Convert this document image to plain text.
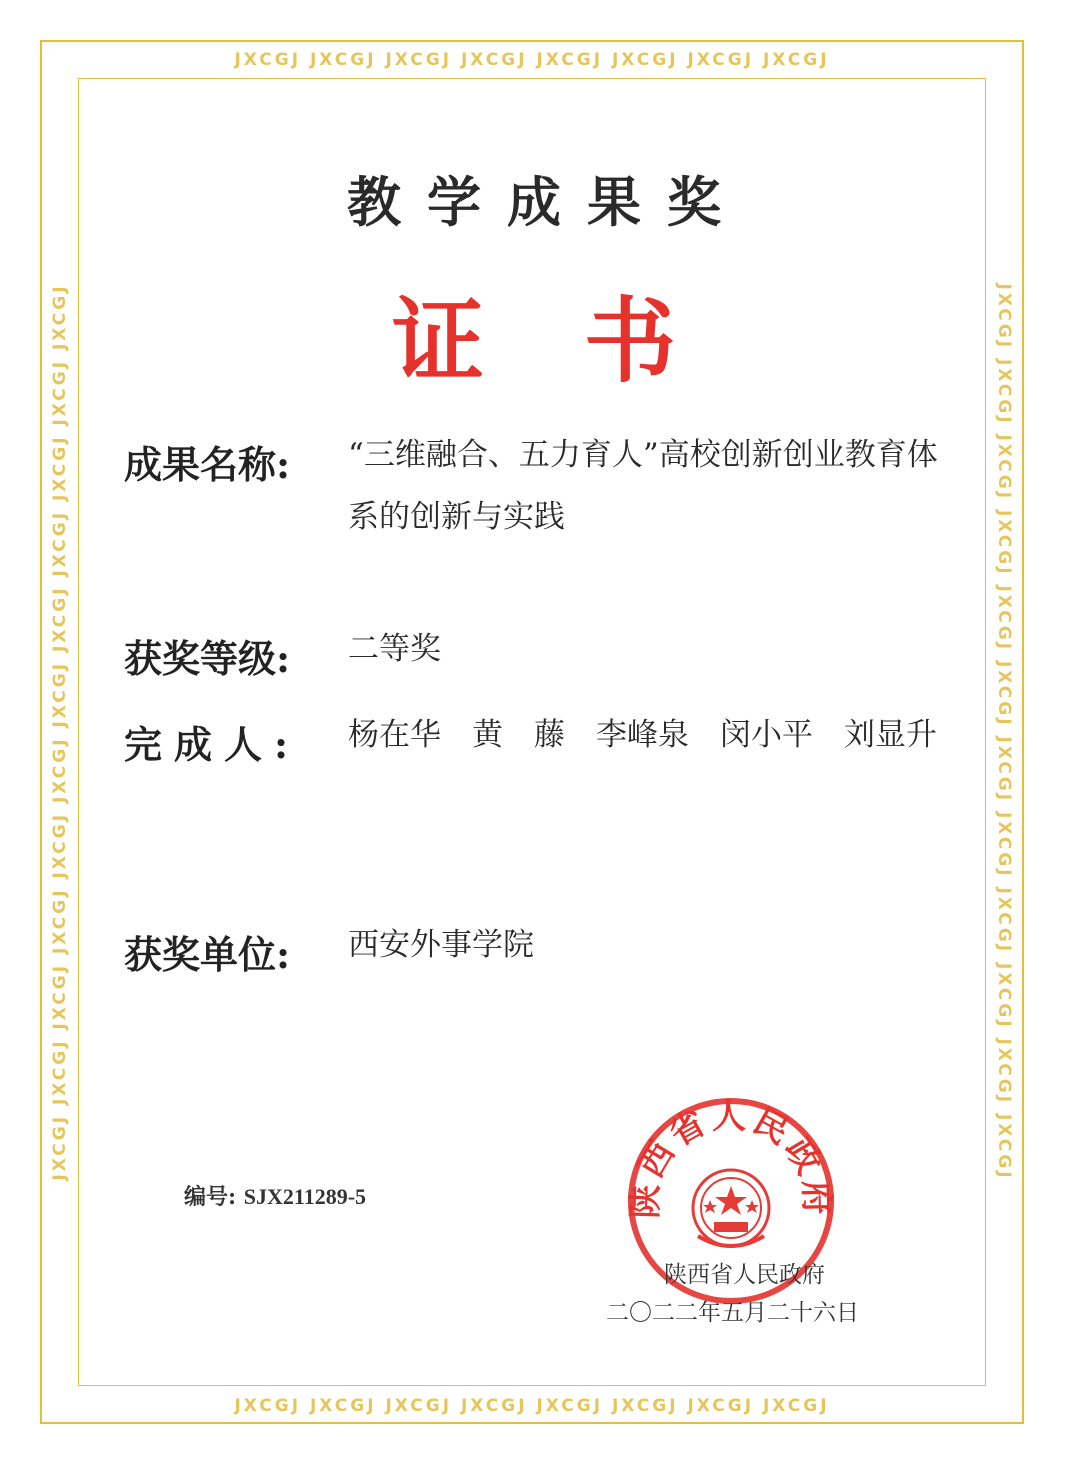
JXCGJ JXCGJ JXCGJ JXCGJ JXCGJ JXCGJ JXCGJ JXCGJ
JXCGJ JXCGJ JXCGJ JXCGJ JXCGJ JXCGJ JXCGJ JXCGJ
JXCGJ JXCGJ JXCGJ JXCGJ JXCGJ JXCGJ JXCGJ JXCGJ JXCGJ JXCGJ JXCGJ JXCGJ	JXCGJ JXCGJ JXCGJ JXCGJ JXCGJ JXCGJ JXCGJ JXCGJ JXCGJ JXCGJ JXCGJ JXCGJ
教学成果奖
证书
成果名称:	“三维融合、五力育人”高校创新创业教育体系的创新与实践
获奖等级:	二等奖
完成人:	杨在华　黄　藤　李峰泉　闵小平　刘显升
获奖单位:	西安外事学院
编号: SJX211289-5	陕西省人民政府
陕西省人民政府
二〇二二年五月二十六日
